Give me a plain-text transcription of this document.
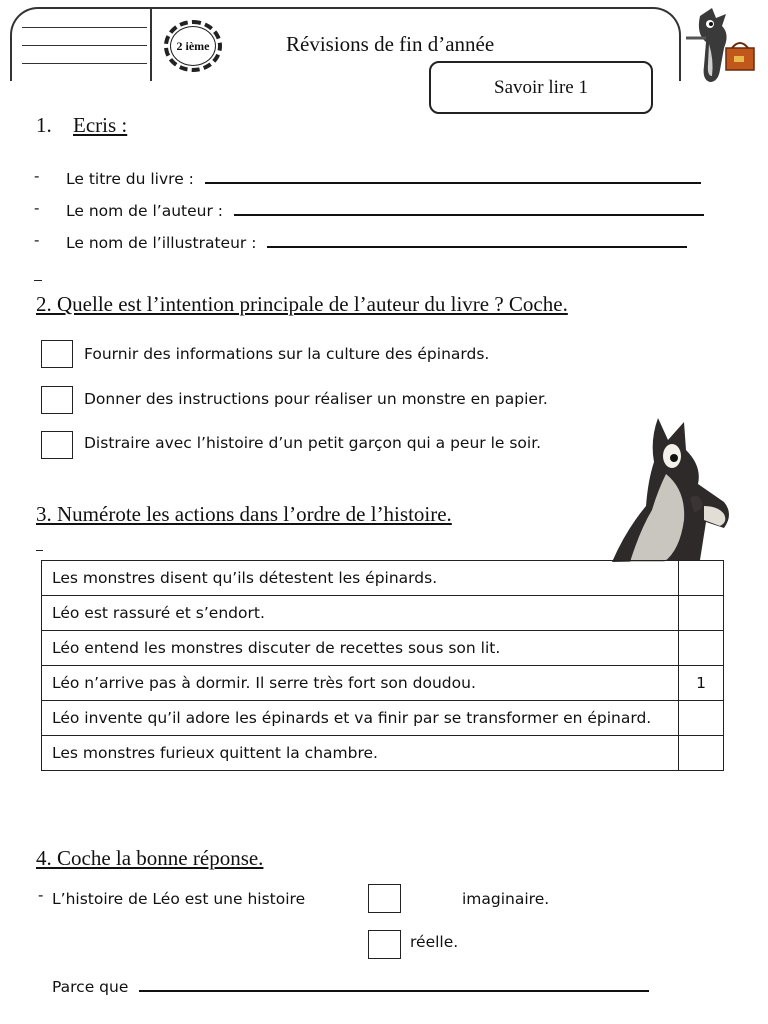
2 ième	Révisions de fin d’année
Savoir lire 1
1. Ecris :
- Le titre du livre :
- Le nom de l’auteur :
- Le nom de l’illustrateur :
2. Quelle est l’intention principale de l’auteur du livre ? Coche.
Fournir des informations sur la culture des épinards.
Donner des instructions pour réaliser un monstre en papier.
Distraire avec l’histoire d’un petit garçon qui a peur le soir.
3. Numérote les actions dans l’ordre de l’histoire.
Les monstres disent qu’ils détestent les épinards.	
Léo est rassuré et s’endort.	
Léo entend les monstres discuter de recettes sous son lit.	
Léo n’arrive pas à dormir. Il serre très fort son doudou.	1
Léo invente qu’il adore les épinards et va finir par se transformer en épinard.	
Les monstres furieux quittent la chambre.	
4. Coche la bonne réponse.
- L’histoire de Léo est une histoire	imaginaire.
réelle.
Parce que
